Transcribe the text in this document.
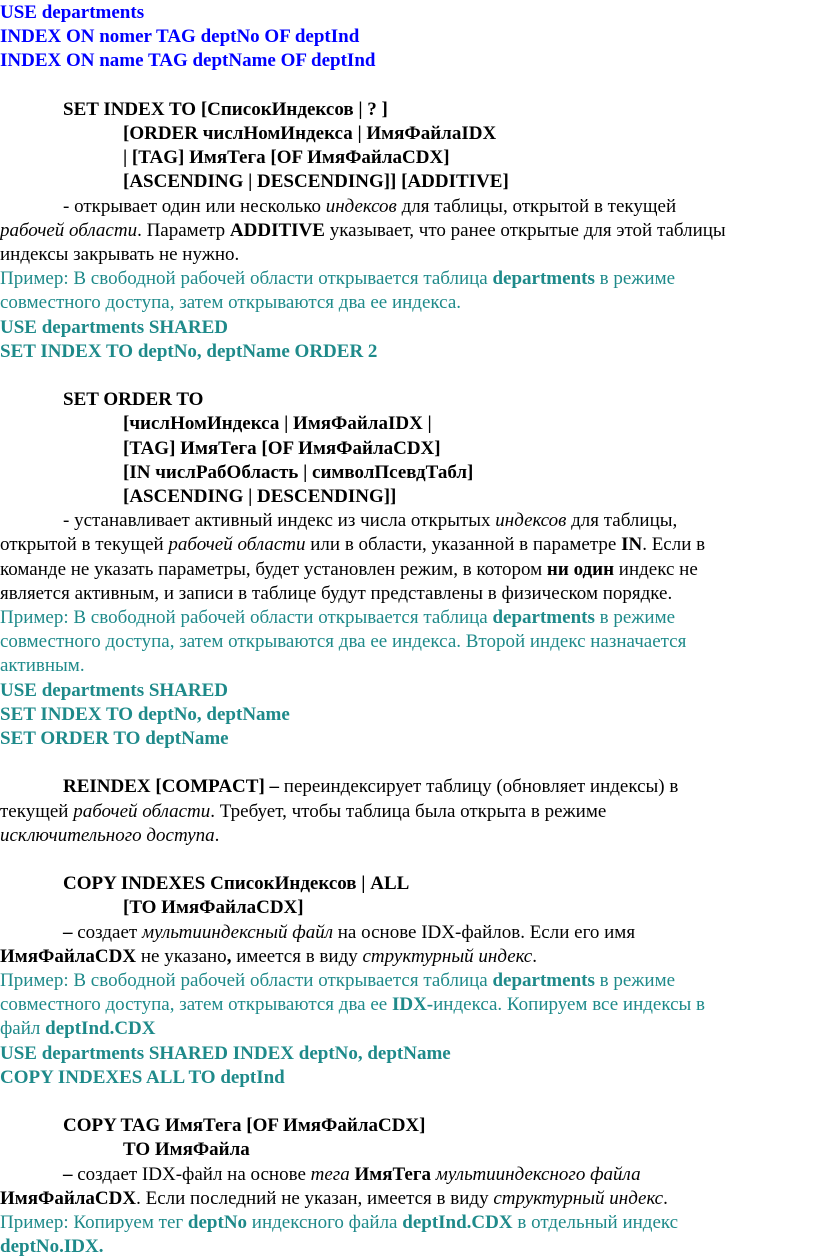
USE departments

INDEX ON nomer TAG deptNo OF deptInd

INDEX ON name TAG deptName OF deptInd

SET INDEX TO [СписокИндексов | ? ]

[ORDER числНомИндекса | ИмяФайлаIDX

| [TAG] ИмяТега [OF ИмяФайлаCDX]

[ASCENDING | DESCENDING]] [ADDITIVE]

- открывает один или несколько индексов для таблицы, открытой в текущей

рабочей области. Параметр ADDITIVE указывает, что ранее открытые для этой таблицы

индексы закрывать не нужно.

Пример: В свободной рабочей области открывается таблица departments в режиме

совместного доступа, затем открываются два ее индекса.

USE departments SHARED

SET INDEX TO deptNo, deptName ORDER 2

SET ORDER TO

[числНомИндекса | ИмяФайлаIDX |

[TAG] ИмяТега [OF ИмяФайлаCDX]

[IN числРабОбласть | символПсевдТабл]

[ASCENDING | DESCENDING]]

- устанавливает активный индекс из числа открытых индексов для таблицы,

открытой в текущей рабочей области или в области, указанной в параметре IN. Если в

команде не указать параметры, будет установлен режим, в котором ни один индекс не

является активным, и записи в таблице будут представлены в физическом порядке.

Пример: В свободной рабочей области открывается таблица departments в режиме

совместного доступа, затем открываются два ее индекса. Второй индекс назначается

активным.

USE departments SHARED

SET INDEX TO deptNo, deptName

SET ORDER TO deptName

REINDEX [COMPACT] – переиндексирует таблицу (обновляет индексы) в

текущей рабочей области. Требует, чтобы таблица была открыта в режиме

исключительного доступа.

COPY INDEXES СписокИндексов | ALL

[TO ИмяФайлаCDX]

– создает мультииндексный файл на основе IDX-файлов. Если его имя

ИмяФайлаCDX не указано, имеется в виду структурный индекс.

Пример: В свободной рабочей области открывается таблица departments в режиме

совместного доступа, затем открываются два ее IDX-индекса. Копируем все индексы в

файл deptInd.CDX

USE departments SHARED INDEX deptNo, deptName

COPY INDEXES ALL TO deptInd

COPY TAG ИмяТега [OF ИмяФайлаCDX]

TO ИмяФайла

– создает IDX-файл на основе тега ИмяТега мультииндексного файла

ИмяФайлаCDX. Если последний не указан, имеется в виду структурный индекс.

Пример: Копируем тег deptNo индексного файла deptInd.CDX в отдельный индекс

deptNo.IDX.
